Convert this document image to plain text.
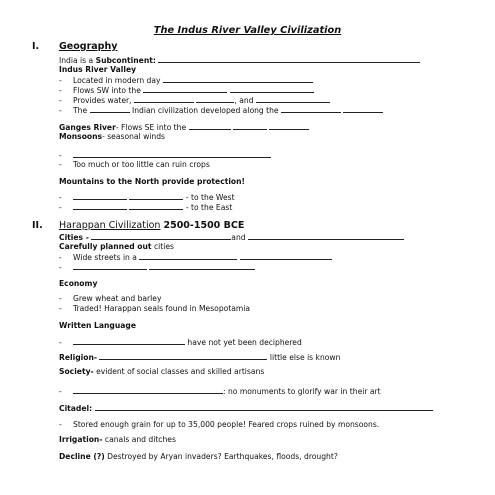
The Indus River Valley Civilization
I. Geography
India is a Subcontinent:
Indus River Valley
- Located in modern day
- Flows SW into the
- Provides water,	, and
- The	Indian civilization developed along the
Ganges River- Flows SE into the
Monsoons- seasonal winds
-
- Too much or too little can ruin crops
Mountains to the North provide protection!
-	- to the West
-	- to the East
II. Harappan Civilization 2500-1500 BCE
Cities -	and
Carefully planned out cities
- Wide streets in a
-
Economy
- Grew wheat and barley
- Traded! Harappan seals found in Mesopotamia
Written Language
-	have not yet been deciphered
Religion-	little else is known
Society- evident of social classes and skilled artisans
-	: no monuments to glorify war in their art
Citadel:
- Stored enough grain for up to 35,000 people! Feared crops ruined by monsoons.
Irrigation- canals and ditches
Decline (?) Destroyed by Aryan invaders? Earthquakes, floods, drought?
